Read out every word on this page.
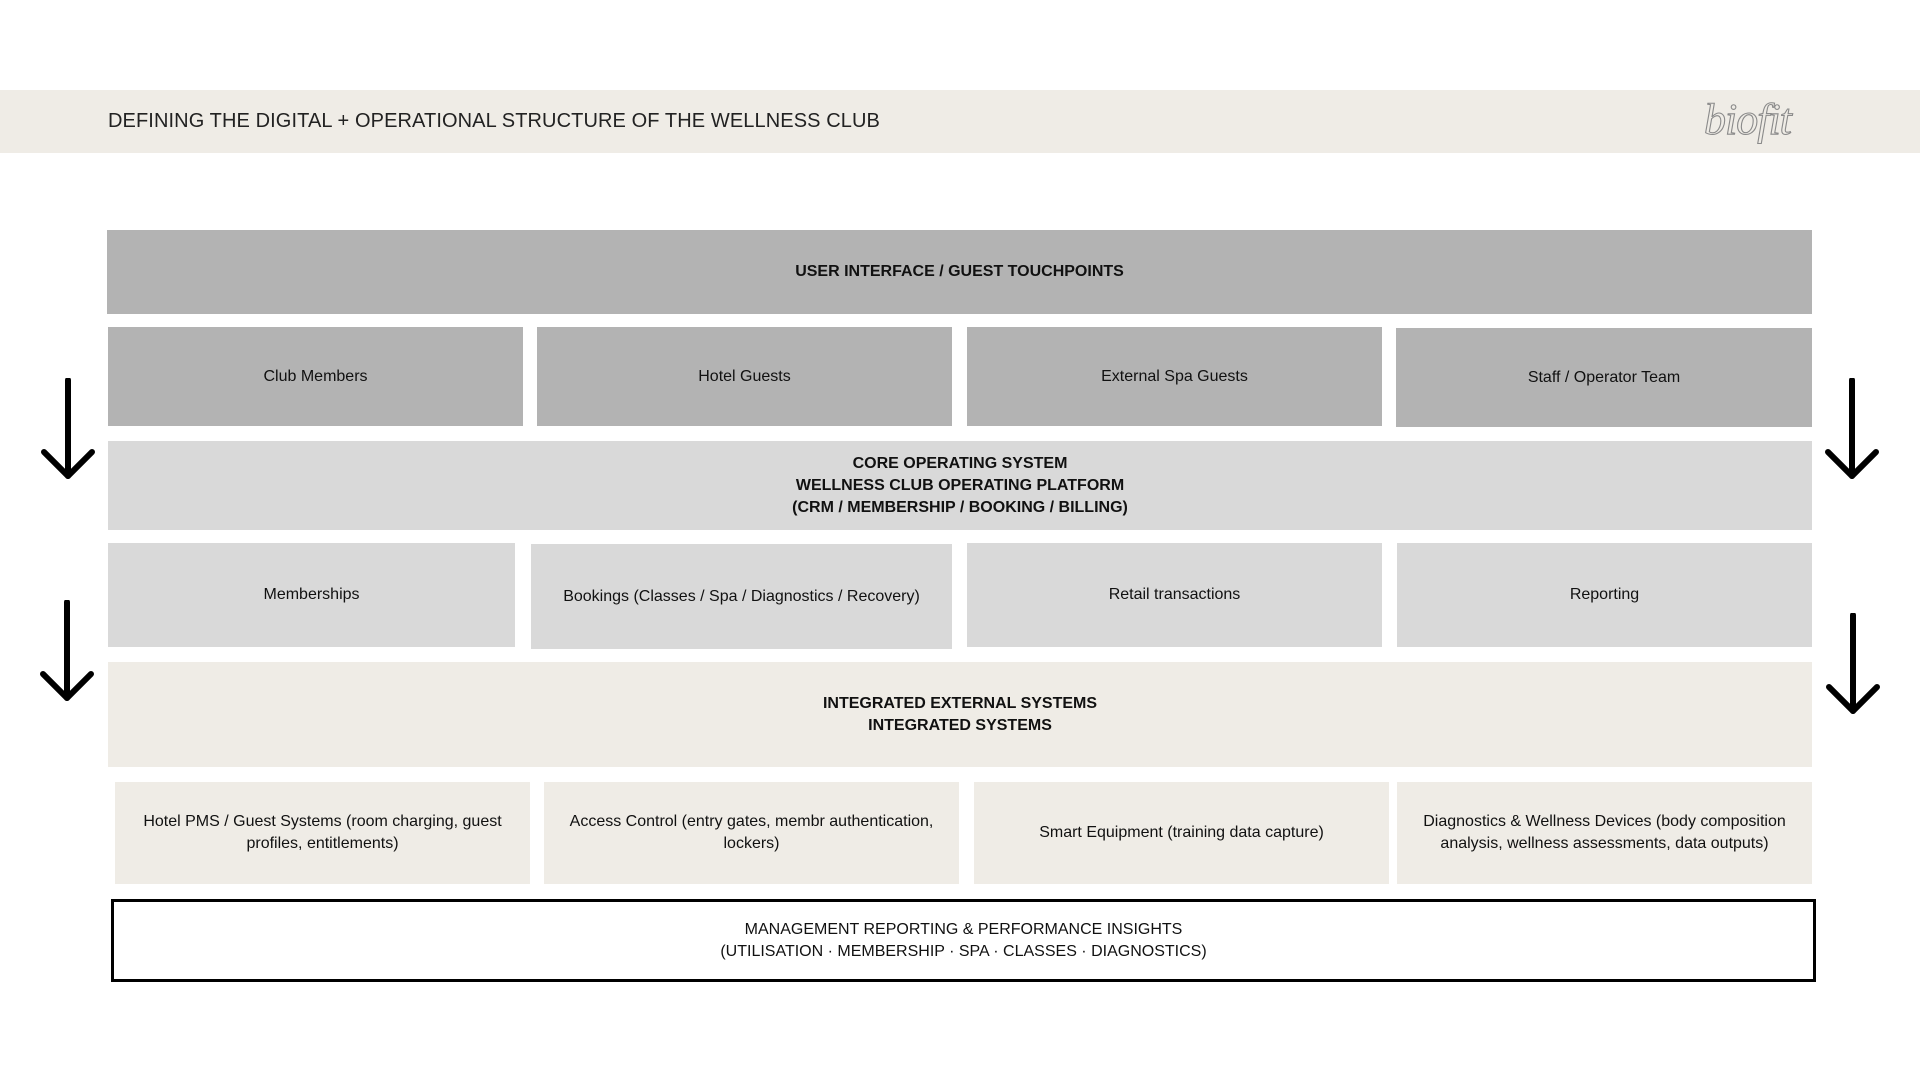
DEFINING THE DIGITAL + OPERATIONAL STRUCTURE OF THE WELLNESS CLUB	biofit
USER INTERFACE / GUEST TOUCHPOINTS
Club Members	Hotel Guests	External Spa Guests	Staff / Operator Team
CORE OPERATING SYSTEM
WELLNESS CLUB OPERATING PLATFORM
(CRM / MEMBERSHIP / BOOKING / BILLING)
Memberships	Bookings (Classes / Spa / Diagnostics / Recovery)	Retail transactions	Reporting
INTEGRATED EXTERNAL SYSTEMS
INTEGRATED SYSTEMS
Hotel PMS / Guest Systems (room charging, guest profiles, entitlements)
Access Control (entry gates, membr authentication, lockers)
Smart Equipment (training data capture)
Diagnostics & Wellness Devices (body composition analysis, wellness assessments, data outputs)
MANAGEMENT REPORTING & PERFORMANCE INSIGHTS
(UTILISATION · MEMBERSHIP · SPA · CLASSES · DIAGNOSTICS)
